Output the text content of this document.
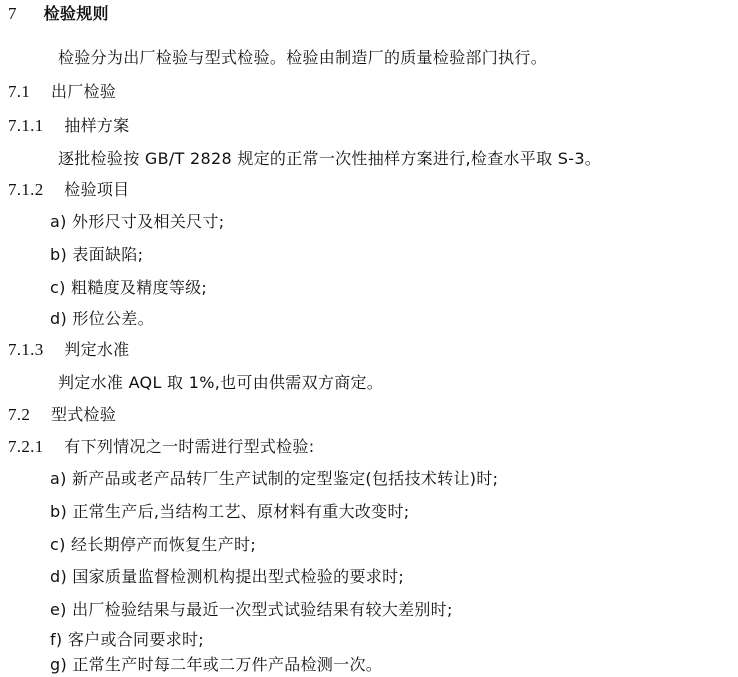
7 检验规则
检验分为出厂检验与型式检验。检验由制造厂的质量检验部门执行。
7.1 出厂检验
7.1.1 抽样方案
逐批检验按 GB/T 2828 规定的正常一次性抽样方案进行,检查水平取 S-3。
7.1.2 检验项目
a) 外形尺寸及相关尺寸;
b) 表面缺陷;
c) 粗糙度及精度等级;
d) 形位公差。
7.1.3 判定水准
判定水准 AQL 取 1%,也可由供需双方商定。
7.2 型式检验
7.2.1 有下列情况之一时需进行型式检验:
a) 新产品或老产品转厂生产试制的定型鉴定(包括技术转让)时;
b) 正常生产后,当结构工艺、原材料有重大改变时;
c) 经长期停产而恢复生产时;
d) 国家质量监督检测机构提出型式检验的要求时;
e) 出厂检验结果与最近一次型式试验结果有较大差别时;
f) 客户或合同要求时;
g) 正常生产时每二年或二万件产品检测一次。
